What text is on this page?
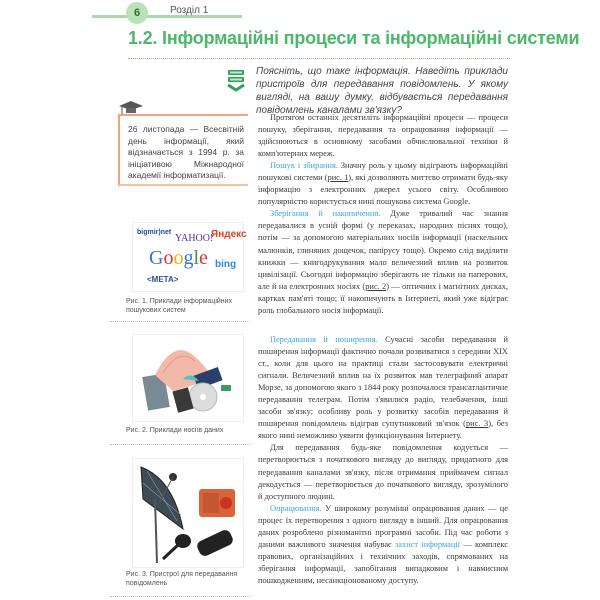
6	Розділ 1
1.2. Інформаційні процеси та інформаційні системи
Поясніть, що таке інформація. Наведіть приклади пристроїв для передавання повідомлень. У якому вигляді, на вашу думку, відбувається передавання повідомлень каналами зв'язку?
26 листопада — Всесвітній день інформації, який відзначається з 1994 р. за ініціативою Міжнародної академії інформатизації.
bigmir)net
YAHOO!
Яндекс
Google bing
<META>
Рис. 1. Приклади інформаційних пошукових систем
Рис. 2. Приклади носіїв даних
Рис. 3. Пристрої для передавання повідомлень

Протягом останніх десятиліть інформаційні процеси — процеси пошуку, зберігання, передавання та опрацювання інформації — здійснюються в основному засобами обчислювальної техніки й комп'ютерних мереж.

Пошук і збирання. Значну роль у цьому відіграють інформаційні пошукові системи (рис. 1), які дозволяють миттєво отримати будь-яку інформацію з електронних джерел усього світу. Особливою популярністю користується нині пошукова система Google.

Зберігання й накопичення. Дуже тривалий час знання передавалися в усній формі (у переказах, народних піснях тощо), потім — за допомогою матеріальних носіїв інформації (наскельних малюнків, глиняних дощечок, папірусу тощо). Окремо слід виділити книжки — книгодрукування мало величезний вплив на розвиток цивілізації. Сьогодні інформацію зберігають не тільки на паперових, але й на електронних носіях (рис. 2) — оптичних і магнітних дисках, картках пам'яті тощо; її накопичують в Інтернеті, який уже відіграє роль глобального носія інформації.

Передавання й поширення. Сучасні засоби передавання й поширення інформації фактично почали розвиватися з середини XIX ст., коли для цього на практиці стали застосовувати електричні сигнали. Величезний вплив на їх розвиток мав телеграфний апарат Морзе, за допомогою якого з 1844 року розпочалося трансатлантичне передавання телеграм. Потім з'явилися радіо, телебачення, інші засоби зв'язку; особливу роль у розвитку засобів передавання й поширення повідомлень відіграв супутниковий зв'язок (рис. 3), без якого нині неможливо уявити функціонування Інтернету.

Для передавання будь-яке повідомлення кодується — перетворюється з початкового вигляду до вигляду, придатного для передавання каналами зв'язку, після отримання приймачем сигнал декодується — перетворюється до початкового вигляду, зрозумілого й доступного людині.

Опрацювання. У широкому розумінні опрацювання даних — це процес їх перетворення з одного вигляду в інший. Для опрацювання даних розроблено різноманітні програмні засоби. Під час роботи з даними важливого значення набуває захист інформації — комплекс правових, організаційних і технічних заходів, спрямованих на зберігання інформації, запобігання випадковим і навмисним пошкодженням, несанкціонованому доступу.
